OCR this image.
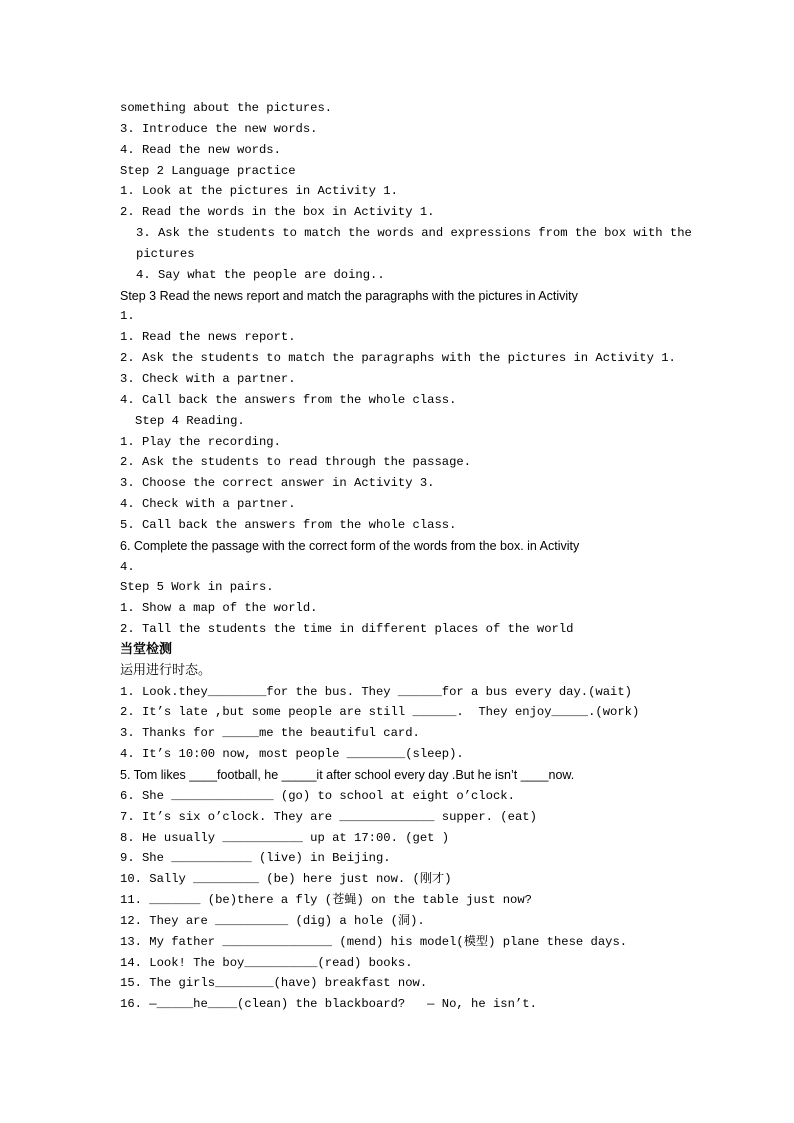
something about the pictures.
3. Introduce the new words.
4. Read the new words.
Step 2 Language practice
1. Look at the pictures in Activity 1.
2. Read the words in the box in Activity 1.
3. Ask the students to match the words and expressions from the box with the
pictures
4. Say what the people are doing..
Step 3 Read the news report and match the paragraphs with the pictures in Activity
1.
1. Read the news report.
2. Ask the students to match the paragraphs with the pictures in Activity 1.
3. Check with a partner.
4. Call back the answers from the whole class.
Step 4 Reading.
1. Play the recording.
2. Ask the students to read through the passage.
3. Choose the correct answer in Activity 3.
4. Check with a partner.
5. Call back the answers from the whole class.
6. Complete the passage with the correct form of the words from the box. in Activity
4.
Step 5 Work in pairs.
1. Show a map of the world.
2. Tall the students the time in different places of the world
当堂检测
运用进行时态。
1. Look.they________for the bus. They ______for a bus every day.(wait)
2. It’s late ,but some people are still ______.  They enjoy_____.(work)
3. Thanks for _____me the beautiful card.
4. It’s 10:00 now, most people ________(sleep).
5. Tom likes ____football, he _____it after school every day .But he isn’t ____now.
6. She ______________ (go) to school at eight o’clock.
7. It’s six o’clock. They are _____________ supper. (eat)
8. He usually ___________ up at 17:00. (get )
9. She ___________ (live) in Beijing.
10. Sally _________ (be) here just now. (刚才)
11. _______ (be)there a fly (苍蝇) on the table just now?
12. They are __________ (dig) a hole (洞).
13. My father _______________ (mend) his model(模型) plane these days.
14. Look! The boy__________(read) books.
15. The girls________(have) breakfast now.
16. —_____he____(clean) the blackboard?   — No, he isn’t.
